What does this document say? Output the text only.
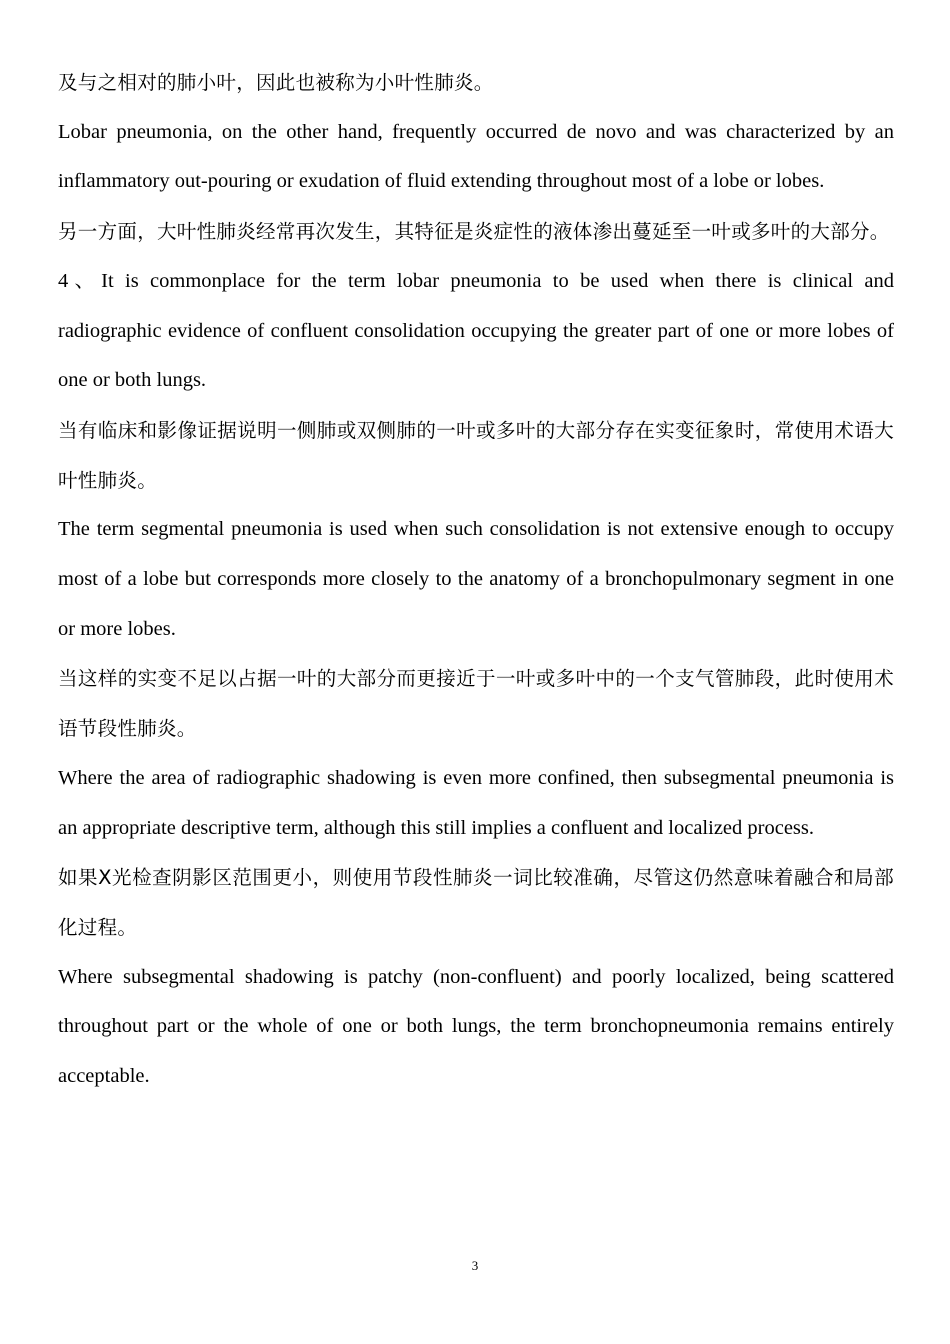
及与之相对的肺小叶，因此也被称为小叶性肺炎。

Lobar pneumonia, on the other hand, frequently occurred de novo and was characterized by an inflammatory out-pouring or exudation of fluid extending throughout most of a lobe or lobes.

另一方面，大叶性肺炎经常再次发生，其特征是炎症性的液体渗出蔓延至一叶或多叶的大部分。

4、It is commonplace for the term lobar pneumonia to be used when there is clinical and radiographic evidence of confluent consolidation occupying the greater part of one or more lobes of one or both lungs.

当有临床和影像证据说明一侧肺或双侧肺的一叶或多叶的大部分存在实变征象时，常使用术语大叶性肺炎。

The term segmental pneumonia is used when such consolidation is not extensive enough to occupy most of a lobe but corresponds more closely to the anatomy of a bronchopulmonary segment in one or more lobes.

当这样的实变不足以占据一叶的大部分而更接近于一叶或多叶中的一个支气管肺段，此时使用术语节段性肺炎。

Where the area of radiographic shadowing is even more confined, then subsegmental pneumonia is an appropriate descriptive term, although this still implies a confluent and localized process.

如果X光检查阴影区范围更小，则使用节段性肺炎一词比较准确，尽管这仍然意味着融合和局部化过程。

Where subsegmental shadowing is patchy (non-confluent) and poorly localized, being scattered throughout part or the whole of one or both lungs, the term bronchopneumonia remains entirely acceptable.

3
